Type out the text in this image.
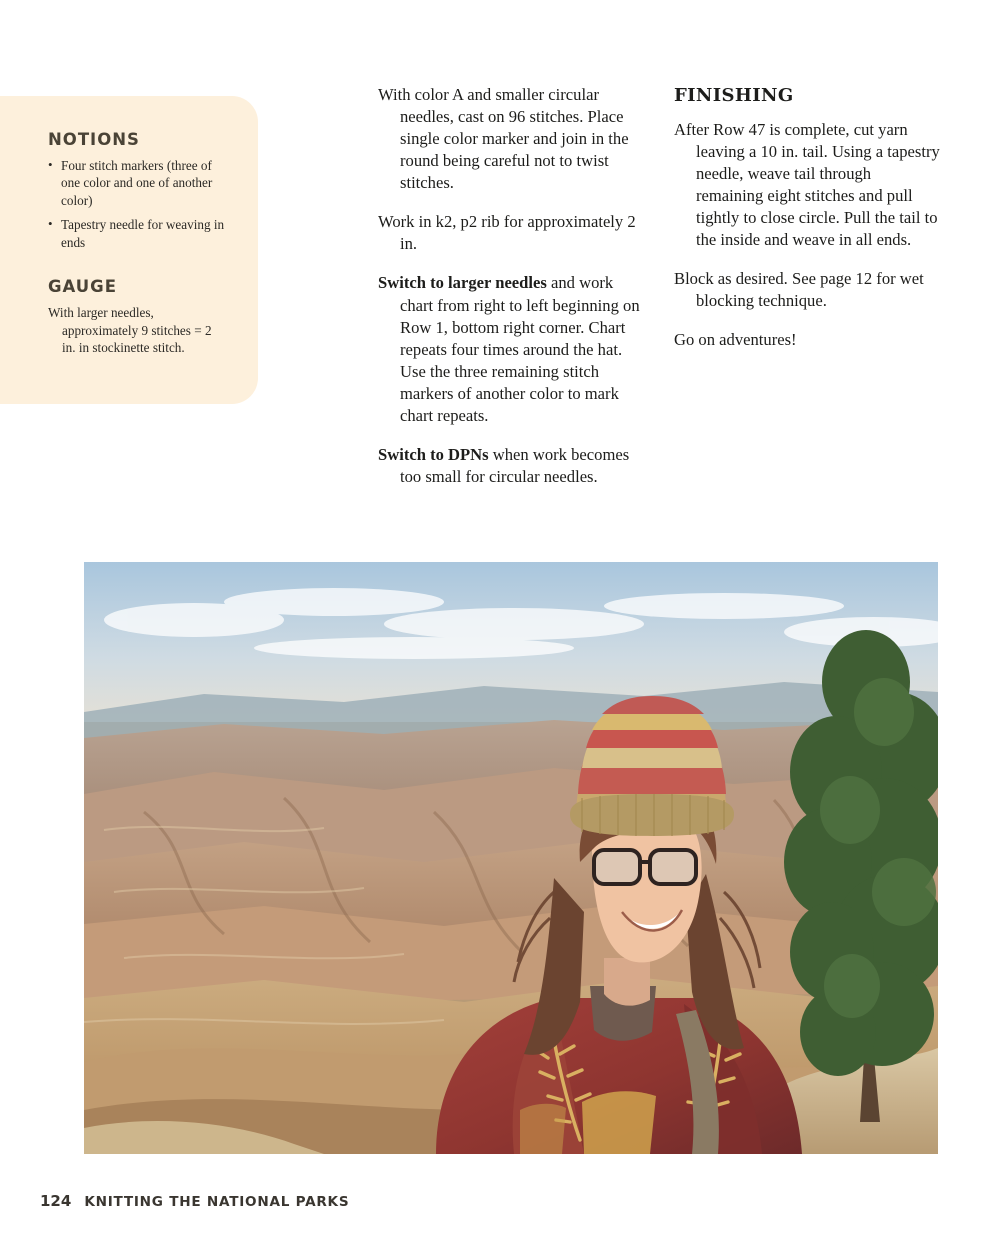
NOTIONS
• Four stitch markers (three of one color and one of another color)
• Tapestry needle for weaving in ends
GAUGE

With larger needles, approximately 9 stitches = 2 in. in stockinette stitch.

With color A and smaller circular needles, cast on 96 stitches. Place single color marker and join in the round being careful not to twist stitches.

Work in k2, p2 rib for approximately 2 in.

Switch to larger needles and work chart from right to left beginning on Row 1, bottom right corner. Chart repeats four times around the hat. Use the three remaining stitch markers of another color to mark chart repeats.

Switch to DPNs when work becomes too small for circular needles.

FINISHING

After Row 47 is complete, cut yarn leaving a 10 in. tail. Using a tapestry needle, weave tail through remaining eight stitches and pull tightly to close circle. Pull the tail to the inside and weave in all ends.

Block as desired. See page 12 for wet blocking technique.

Go on adventures!

124 KNITTING THE NATIONAL PARKS
